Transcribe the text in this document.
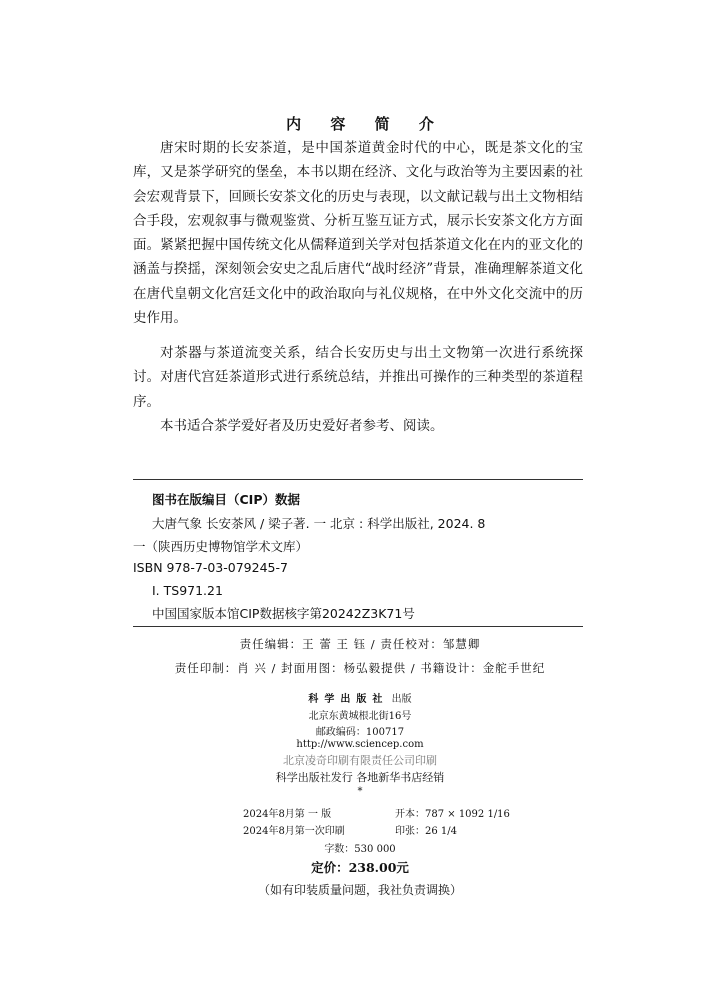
内 容 简 介
唐宋时期的长安茶道，是中国茶道黄金时代的中心，既是茶文化的宝库，又是茶学研究的堡垒，本书以期在经济、文化与政治等为主要因素的社会宏观背景下，回顾长安茶文化的历史与表现，以文献记载与出土文物相结合手段，宏观叙事与微观鉴赏、分析互鉴互证方式，展示长安茶文化方方面面。紧紧把握中国传统文化从儒释道到关学对包括茶道文化在内的亚文化的涵盖与揆揺，深刻领会安史之乱后唐代“战时经济”背景，准确理解茶道文化在唐代皇朝文化宫廷文化中的政治取向与礼仪规格，在中外文化交流中的历史作用。
对茶器与茶道流变关系，结合长安历史与出土文物第一次进行系统探讨。对唐代宫廷茶道形式进行系统总结，并推出可操作的三种类型的茶道程序。
本书适合茶学爱好者及历史爱好者参考、阅读。
图书在版编目（CIP）数据
大唐气象 长安茶风 / 梁子著. 一 北京 : 科学出版社, 2024. 8
一（陕西历史博物馆学术文库）
ISBN 978-7-03-079245-7
Ⅰ. TS971.21
中国国家版本馆CIP数据核字第20242Z3K71号
责任编辑：王 蕾 王 钰 / 责任校对：邹慧卿
责任印制：肖 兴 / 封面用图：杨弘毅提供 / 书籍设计：金舵手世纪
科学出版社 出版
北京东黄城根北街16号
邮政编码：100717
http://www.sciencep.com
北京凌奇印刷有限责任公司印刷
科学出版社发行 各地新华书店经销
*
2024年8月第 一 版	开本：787 × 1092 1/16
2024年8月第一次印刷	印张：26 1/4
字数：530 000
定价：238.00元
（如有印装质量问题，我社负责调换）
